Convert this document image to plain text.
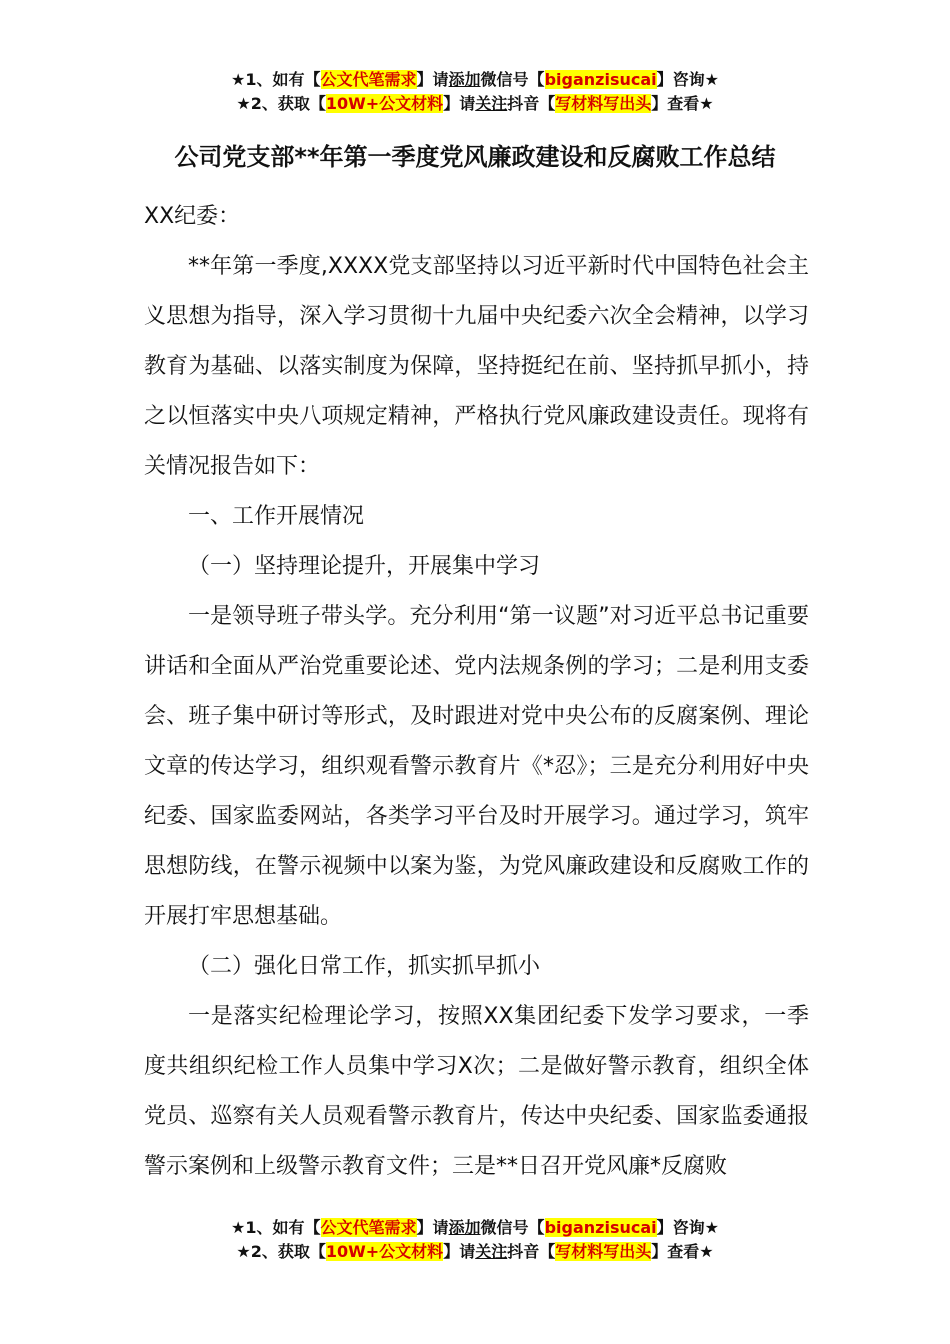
★1、如有【公文代笔需求】请添加微信号【biganzisucai】咨询★
★2、获取【10W+公文材料】请关注抖音【写材料写出头】查看★
公司党支部**年第一季度党风廉政建设和反腐败工作总结

XX纪委：

**年第一季度,XXXX党支部坚持以习近平新时代中国特色社会主义思想为指导，深入学习贯彻十九届中央纪委六次全会精神，以学习教育为基础、以落实制度为保障，坚持挺纪在前、坚持抓早抓小，持之以恒落实中央八项规定精神，严格执行党风廉政建设责任。现将有关情况报告如下：

一、工作开展情况

（一）坚持理论提升，开展集中学习

一是领导班子带头学。充分利用“第一议题”对习近平总书记重要讲话和全面从严治党重要论述、党内法规条例的学习；二是利用支委会、班子集中研讨等形式，及时跟进对党中央公布的反腐案例、理论文章的传达学习，组织观看警示教育片《*忍》；三是充分利用好中央纪委、国家监委网站，各类学习平台及时开展学习。通过学习，筑牢思想防线，在警示视频中以案为鉴，为党风廉政建设和反腐败工作的开展打牢思想基础。

（二）强化日常工作，抓实抓早抓小

一是落实纪检理论学习，按照XX集团纪委下发学习要求，一季度共组织纪检工作人员集中学习X次；二是做好警示教育，组织全体党员、巡察有关人员观看警示教育片，传达中央纪委、国家监委通报警示案例和上级警示教育文件；三是**日召开党风廉*反腐败

★1、如有【公文代笔需求】请添加微信号【biganzisucai】咨询★
★2、获取【10W+公文材料】请关注抖音【写材料写出头】查看★
